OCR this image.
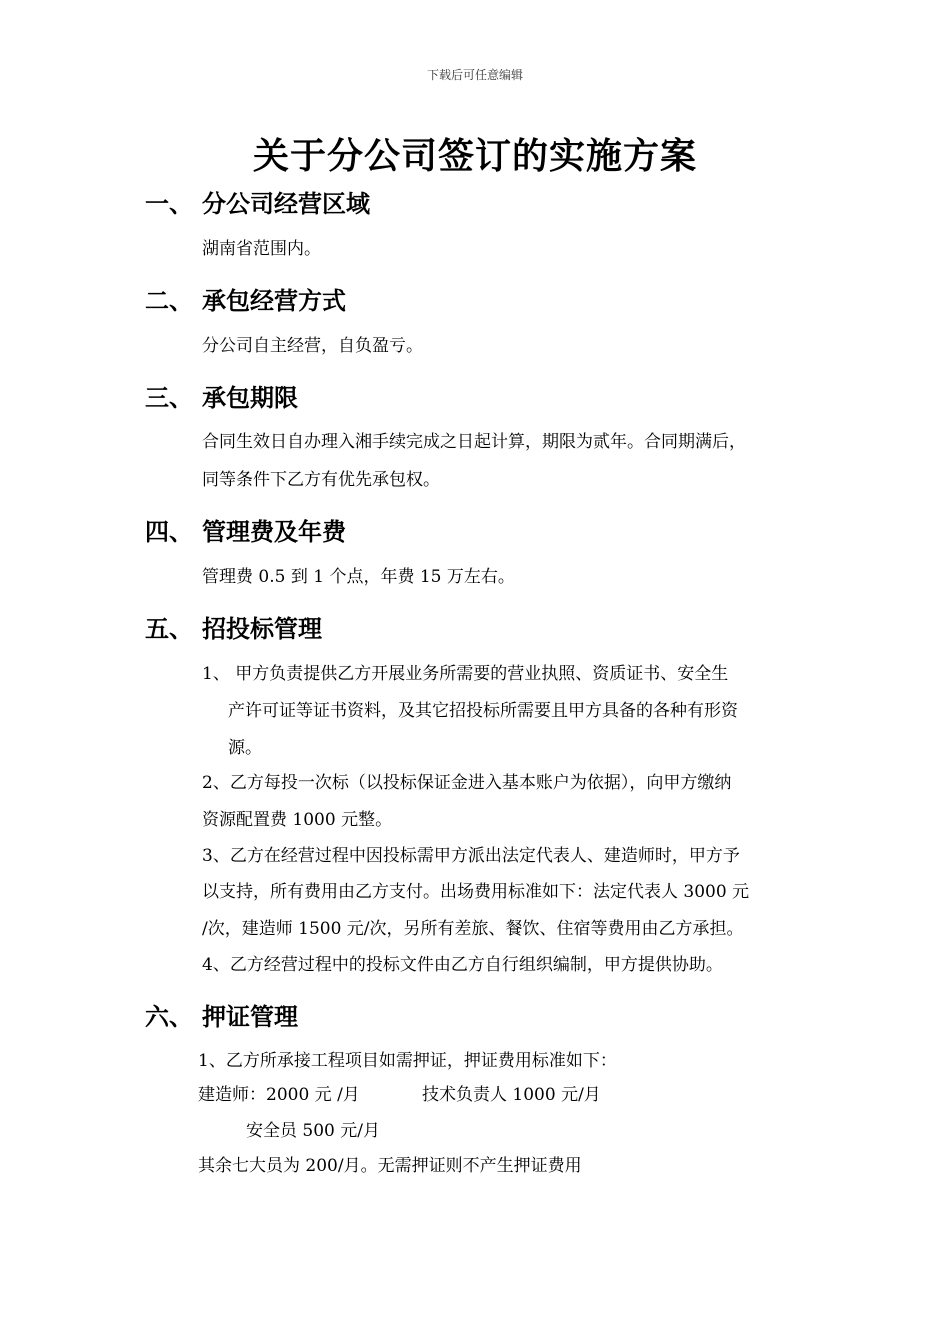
下载后可任意编辑
关于分公司签订的实施方案
一、 分公司经营区域
湖南省范围内。
二、 承包经营方式
分公司自主经营，自负盈亏。
三、 承包期限
合同生效日自办理入湘手续完成之日起计算，期限为贰年。合同期满后，
同等条件下乙方有优先承包权。
四、 管理费及年费
管理费 0.5 到 1 个点，年费 15 万左右。
五、 招投标管理
1、 甲方负责提供乙方开展业务所需要的营业执照、资质证书、安全生
产许可证等证书资料，及其它招投标所需要且甲方具备的各种有形资
源。
2、乙方每投一次标（以投标保证金进入基本账户为依据），向甲方缴纳
资源配置费 1000 元整。
3、乙方在经营过程中因投标需甲方派出法定代表人、建造师时，甲方予
以支持，所有费用由乙方支付。出场费用标准如下：法定代表人 3000 元
/次，建造师 1500 元/次，另所有差旅、餐饮、住宿等费用由乙方承担。
4、乙方经营过程中的投标文件由乙方自行组织编制，甲方提供协助。
六、 押证管理
1、乙方所承接工程项目如需押证，押证费用标准如下：
建造师：2000 元 /月	技术负责人 1000 元/月
安全员 500 元/月
其余七大员为 200/月。无需押证则不产生押证费用
